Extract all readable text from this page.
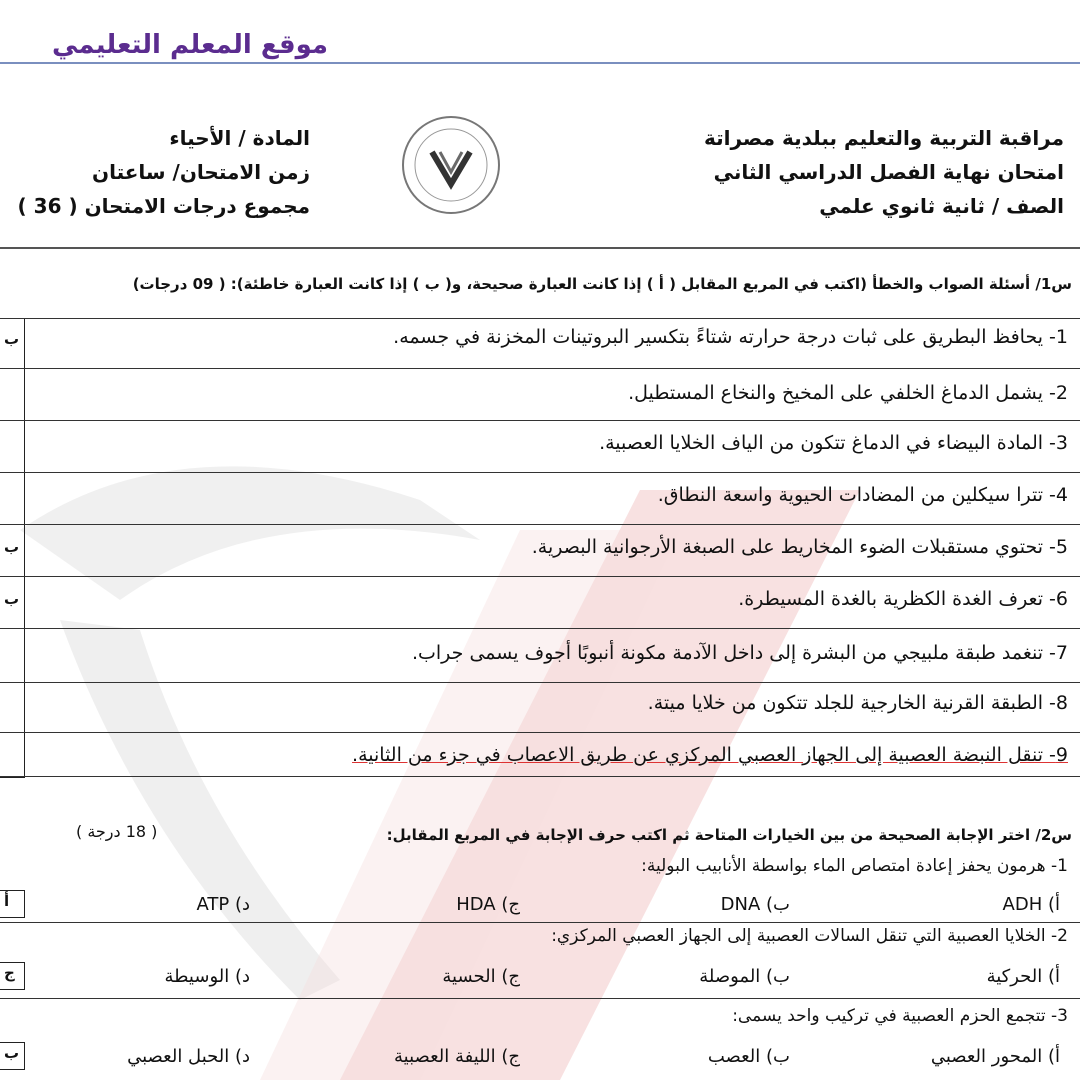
موقع المعلم التعليمي
مراقبة التربية والتعليم ببلدية مصراتة
امتحان نهاية الفصل الدراسي الثاني
الصف / ثانية ثانوي علمي
المادة / الأحياء
زمن الامتحان/ ساعتان
مجموع درجات الامتحان ( 36 )
س1/ أسئلة الصواب والخطأ (اكتب في المربع المقابل ( أ ) إذا كانت العبارة صحيحة، و( ب ) إذا كانت العبارة خاطئة): ( 09 درجات)
1- يحافظ البطريق على ثبات درجة حرارته شتاءً بتكسير البروتينات المخزنة في جسمه.
2- يشمل الدماغ الخلفي على المخيخ والنخاع المستطيل.
3- المادة البيضاء في الدماغ تتكون من الياف الخلايا العصبية.
4- تترا سيكلين من المضادات الحيوية واسعة النطاق.
5- تحتوي مستقبلات الضوء المخاريط على الصبغة الأرجوانية البصرية.
6- تعرف الغدة الكظرية بالغدة المسيطرة.
7- تنغمد طبقة ملبيجي من البشرة إلى داخل الآدمة مكونة أنبوبًا أجوف يسمى جراب.
8- الطبقة القرنية الخارجية للجلد تتكون من خلايا ميتة.
9- تنقل النبضة العصبية إلى الجهاز العصبي المركزي عن طريق الاعصاب في جزء من الثانية.
ب
ب
ب
س2/ اختر الإجابة الصحيحة من بين الخيارات المتاحة ثم اكتب حرف الإجابة في المربع المقابل:
( 18 درجة )
1- هرمون يحفز إعادة امتصاص الماء بواسطة الأنابيب البولية:
أ) ADH
ب) DNA
ج) HDA
د) ATP
أ
2- الخلايا العصبية التي تنقل السالات العصبية إلى الجهاز العصبي المركزي:
أ) الحركية
ب) الموصلة
ج) الحسية
د) الوسيطة
ج
3- تتجمع الحزم العصبية في تركيب واحد يسمى:
أ) المحور العصبي
ب) العصب
ج) الليفة العصبية
د) الحبل العصبي
ب
